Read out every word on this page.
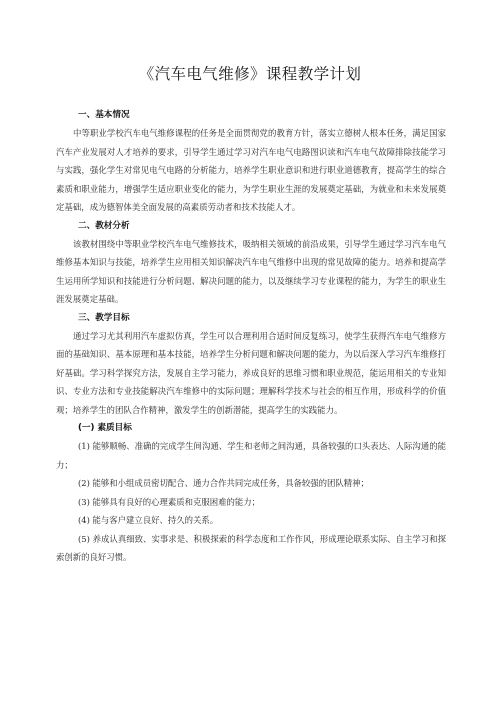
《汽车电气维修》课程教学计划

一、基本情况

中等职业学校汽车电气维修课程的任务是全面贯彻党的教育方针，落实立德树人根本任务，满足国家汽车产业发展对人才培养的要求，引导学生通过学习对汽车电气电路图识读和汽车电气故障排除技能学习与实践，强化学生对常见电气电路的分析能力，培养学生职业意识和进行职业道德教育，提高学生的综合素质和职业能力，增强学生适应职业变化的能力，为学生职业生涯的发展奠定基础，为就业和未来发展奠定基础，成为德智体美全面发展的高素质劳动者和技术技能人才。

二、教材分析

该教材围绕中等职业学校汽车电气维修技术，吸纳相关领域的前沿成果，引导学生通过学习汽车电气维修基本知识与技能，培养学生应用相关知识解决汽车电气维修中出现的常见故障的能力。培养和提高学生运用所学知识和技能进行分析问题、解决问题的能力，以及继续学习专业课程的能力，为学生的职业生涯发展奠定基础。

三、教学目标

通过学习尤其利用汽车虚拟仿真，学生可以合理利用合适时间反复练习，使学生获得汽车电气维修方面的基础知识、基本原理和基本技能，培养学生分析问题和解决问题的能力，为以后深入学习汽车维修打好基础。学习科学探究方法，发展自主学习能力，养成良好的思维习惯和职业规范，能运用相关的专业知识、专业方法和专业技能解决汽车维修中的实际问题；理解科学技术与社会的相互作用，形成科学的价值观；培养学生的团队合作精神，激发学生的创新潜能，提高学生的实践能力。

(一) 素质目标

(1) 能够顺畅、准确的完成学生间沟通、学生和老师之间沟通，具备较强的口头表达、人际沟通的能力；

(2) 能够和小组成员密切配合、通力合作共同完成任务，具备较强的团队精神；

(3) 能够具有良好的心理素质和克服困难的能力；

(4) 能与客户建立良好、持久的关系。

(5) 养成认真细致、实事求是、积极探索的科学态度和工作作风，形成理论联系实际、自主学习和探索创新的良好习惯。
